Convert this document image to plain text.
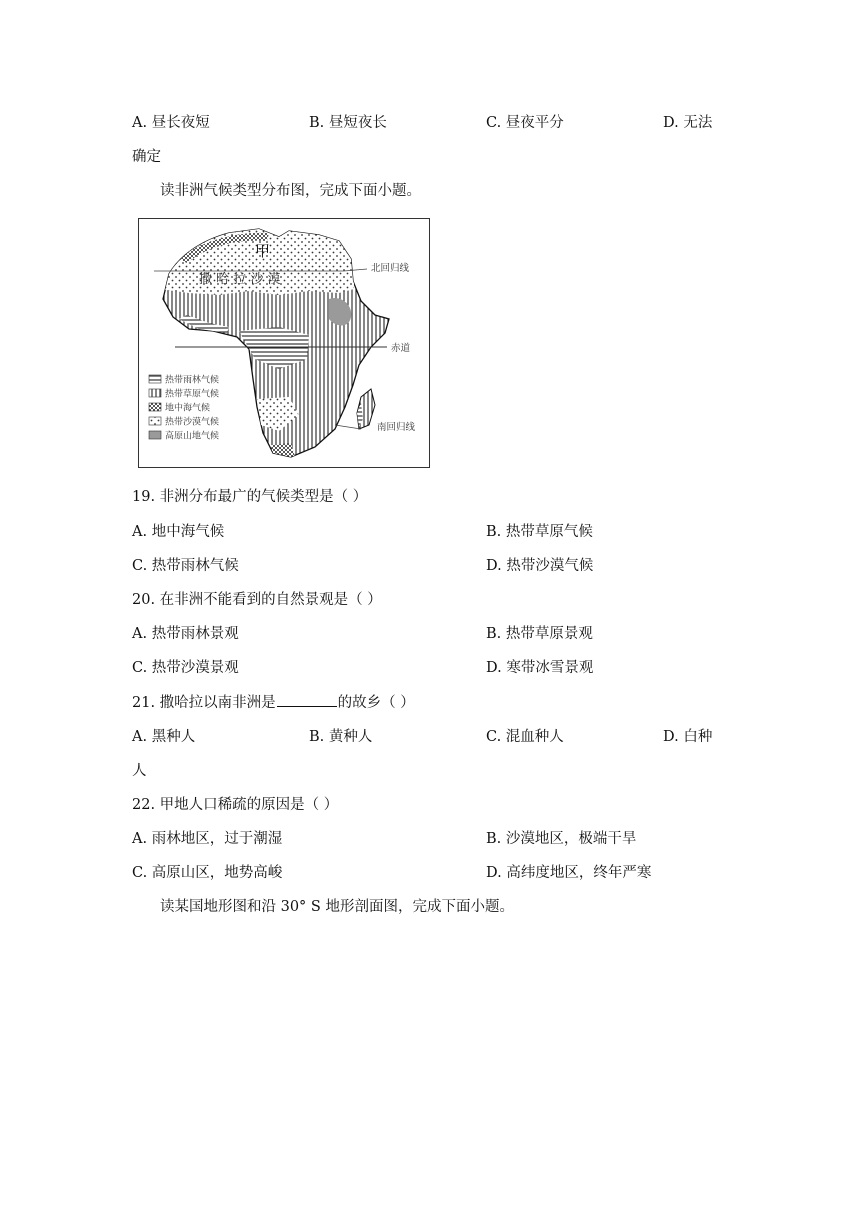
A. 昼长夜短	B. 昼短夜长	C. 昼夜平分	D. 无法
确定
读非洲气候类型分布图，完成下面小题。
甲
撒 哈 拉 沙 漠
北回归线
赤道
南回归线
热带雨林气候
热带草原气候
地中海气候
热带沙漠气候
高原山地气候
19. 非洲分布最广的气候类型是（ ）
A. 地中海气候	B. 热带草原气候
C. 热带雨林气候	D. 热带沙漠气候
20. 在非洲不能看到的自然景观是（ ）
A. 热带雨林景观	B. 热带草原景观
C. 热带沙漠景观	D. 寒带冰雪景观
21. 撒哈拉以南非洲是	的故乡（ ）
A. 黑种人	B. 黄种人	C. 混血种人	D. 白种
人
22. 甲地人口稀疏的原因是（ ）
A. 雨林地区，过于潮湿	B. 沙漠地区，极端干旱
C. 高原山区，地势高峻	D. 高纬度地区，终年严寒
读某国地形图和沿 30° S 地形剖面图，完成下面小题。
